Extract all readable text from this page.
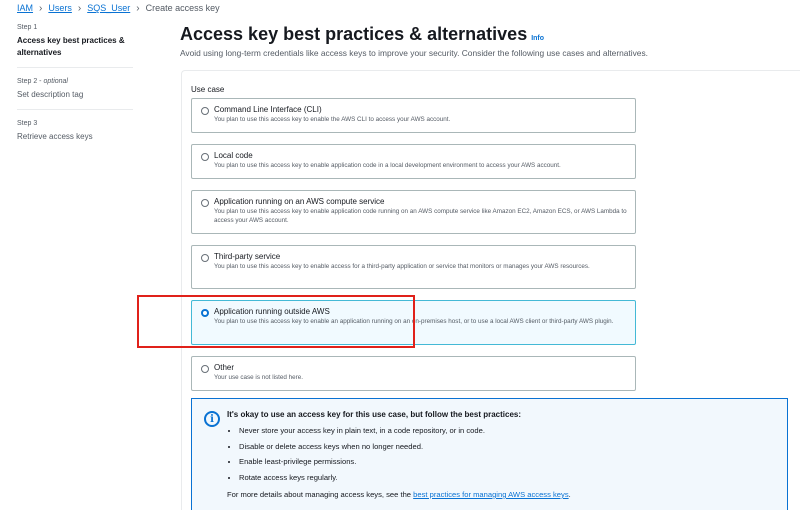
IAM › Users › SQS_User › Create access key
Step 1
Access key best practices & alternatives
Step 2 - optional
Set description tag
Step 3
Retrieve access keys
Access key best practices & alternatives Info
Avoid using long-term credentials like access keys to improve your security. Consider the following use cases and alternatives.
Use case
Command Line Interface (CLI)
You plan to use this access key to enable the AWS CLI to access your AWS account.
Local code
You plan to use this access key to enable application code in a local development environment to access your AWS account.
Application running on an AWS compute service
You plan to use this access key to enable application code running on an AWS compute service like Amazon EC2, Amazon ECS, or AWS Lambda to access your AWS account.
Third-party service
You plan to use this access key to enable access for a third-party application or service that monitors or manages your AWS resources.
Application running outside AWS
You plan to use this access key to enable an application running on an on-premises host, or to use a local AWS client or third-party AWS plugin.
Other
Your use case is not listed here.
i	It's okay to use an access key for this use case, but follow the best practices:
• Never store your access key in plain text, in a code repository, or in code.
• Disable or delete access keys when no longer needed.
• Enable least-privilege permissions.
• Rotate access keys regularly.
For more details about managing access keys, see the best practices for managing AWS access keys.
